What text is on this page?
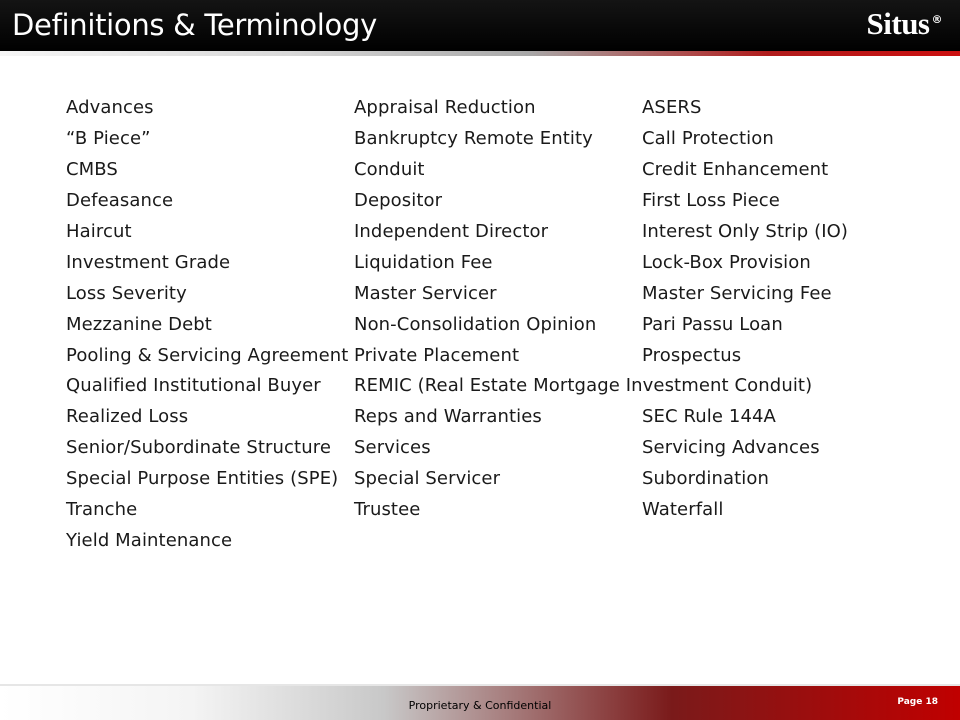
Definitions & Terminology	Situs ®
Advances
“B Piece”
CMBS
Defeasance
Haircut
Investment Grade
Loss Severity
Mezzanine Debt
Pooling & Servicing Agreement
Qualified Institutional Buyer
Realized Loss
Senior/Subordinate Structure
Special Purpose Entities (SPE)
Tranche
Yield Maintenance
Appraisal Reduction
Bankruptcy Remote Entity
Conduit
Depositor
Independent Director
Liquidation Fee
Master Servicer
Non-Consolidation Opinion
Private Placement
REMIC (Real Estate Mortgage Investment Conduit)
Reps and Warranties
Services
Special Servicer
Trustee
ASERS
Call Protection
Credit Enhancement
First Loss Piece
Interest Only Strip (IO)
Lock-Box Provision
Master Servicing Fee
Pari Passu Loan
Prospectus
SEC Rule 144A
Servicing Advances
Subordination
Waterfall
Proprietary & Confidential	Page 18
